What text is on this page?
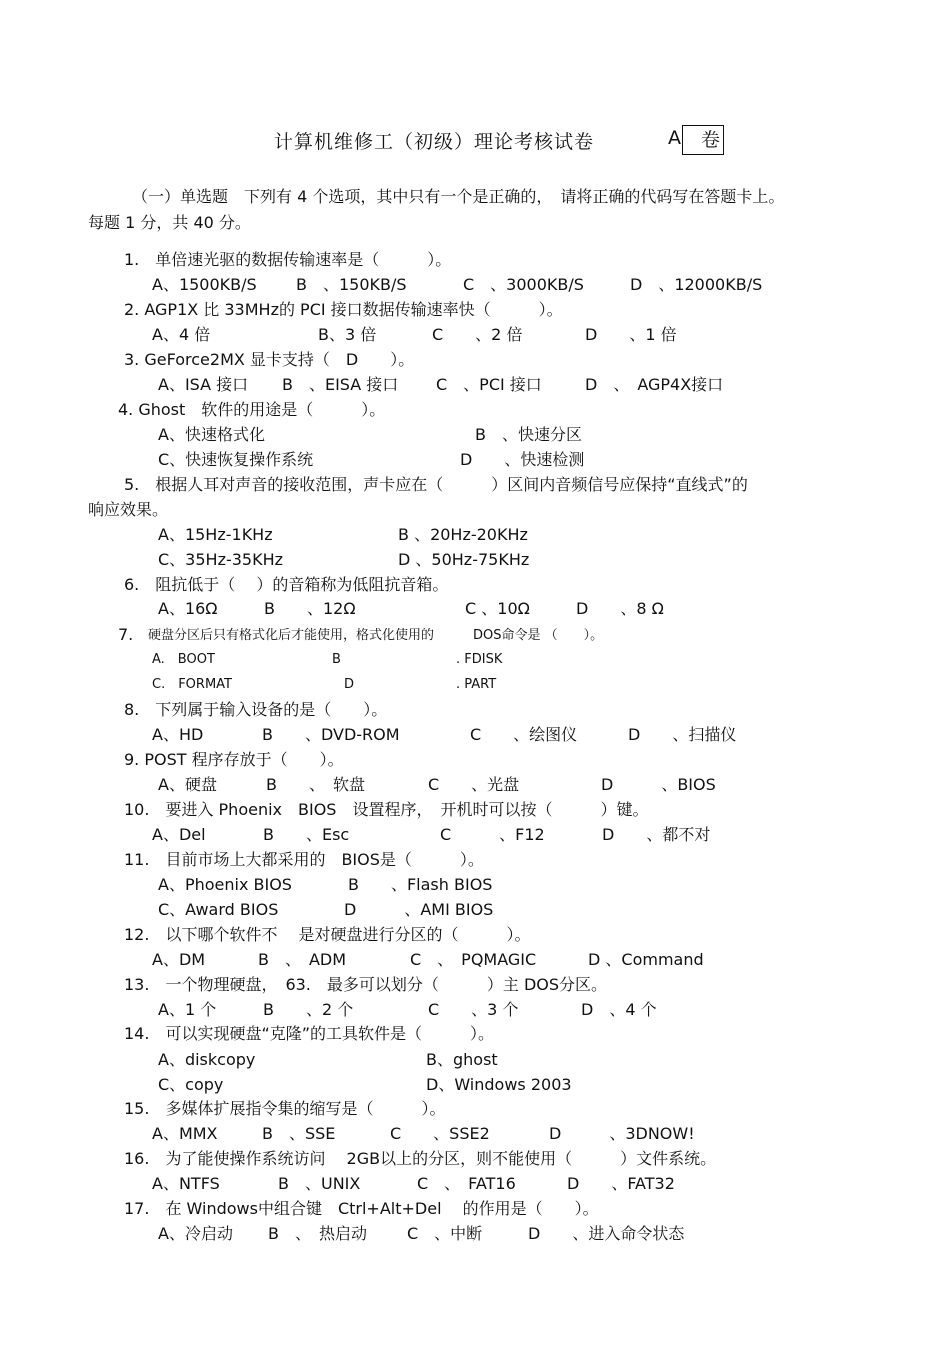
计算机维修工（初级）理论考核试卷	A	卷
（一）单选题　下列有 4 个选项，其中只有一个是正确的，　请将正确的代码写在答题卡上。
每题 1 分，共 40 分。
1.　单倍速光驱的数据传输速率是（　　　）。
A、1500KB/S B　、150KB/S	C　、3000KB/S	D　、12000KB/S
2. AGP1X 比 33MHz的 PCI 接口数据传输速率快（　　　）。
A、4 倍	B、3 倍	C　　、2 倍	D　　、1 倍
3. GeForce2MX 显卡支持（　D　　）。
A、ISA 接口 B　、EISA 接口 C　、PCI 接口	D　、　AGP4X接口
4. Ghost　软件的用途是（　　　）。
A、快速格式化	B　、快速分区
C、快速恢复操作系统	D　　、快速检测
5.　根据人耳对声音的接收范围，声卡应在（　　　）区间内音频信号应保持“直线式”的
响应效果。
A、15Hz-1KHz	B 、20Hz-20KHz
C、35Hz-35KHz	D 、50Hz-75KHz
6.　阻抗低于（　 ）的音箱称为低阻抗音箱。
A、16Ω	B　　、12Ω	C 、10Ω	D　　、8 Ω
7. 硬盘分区后只有格式化后才能使用，格式化使用的　　　DOS命令是 （　　）。
A.　BOOT	B	. FDISK
C.　FORMAT	D	. PART
8.　下列属于输入设备的是（　　）。
A、HD	B　　、DVD-ROM	C　　、绘图仪	D　　、扫描仪
9. POST 程序存放于（　　）。
A、硬盘	B　　、　软盘	C　　、光盘	D　　　、BIOS
10.　要进入 Phoenix　BIOS　设置程序，　开机时可以按（　　　）键。
A、Del	B　　、Esc	C　　　、F12	D　　、都不对
11.　目前市场上大都采用的　BIOS是（　　　）。
A、Phoenix BIOS	B　　、Flash BIOS
C、Award BIOS	D　　　、AMI BIOS
12.　以下哪个软件不　 是对硬盘进行分区的（　　　）。
A、DM	B　、　ADM	C　、　PQMAGIC	D 、Command
13.　一个物理硬盘，　63.　最多可以划分（　　　）主 DOS分区。
A、1 个	B　　、2 个	C　　、3 个	D　、4 个
14.　可以实现硬盘“克隆”的工具软件是（　　　）。
A、diskcopy	B、ghost
C、copy	D、Windows 2003
15.　多媒体扩展指令集的缩写是（　　　）。
A、MMX	B　、SSE	C　　、SSE2	D　　　、3DNOW!
16.　为了能使操作系统访问　 2GB以上的分区，则不能使用（　　　）文件系统。
A、NTFS	B　、UNIX	C　、　FAT16	D　　、FAT32
17.　在 Windows中组合键　Ctrl+Alt+Del　 的作用是（　　）。
A、冷启动 B　、　热启动	C　、中断	D　　、进入命令状态
